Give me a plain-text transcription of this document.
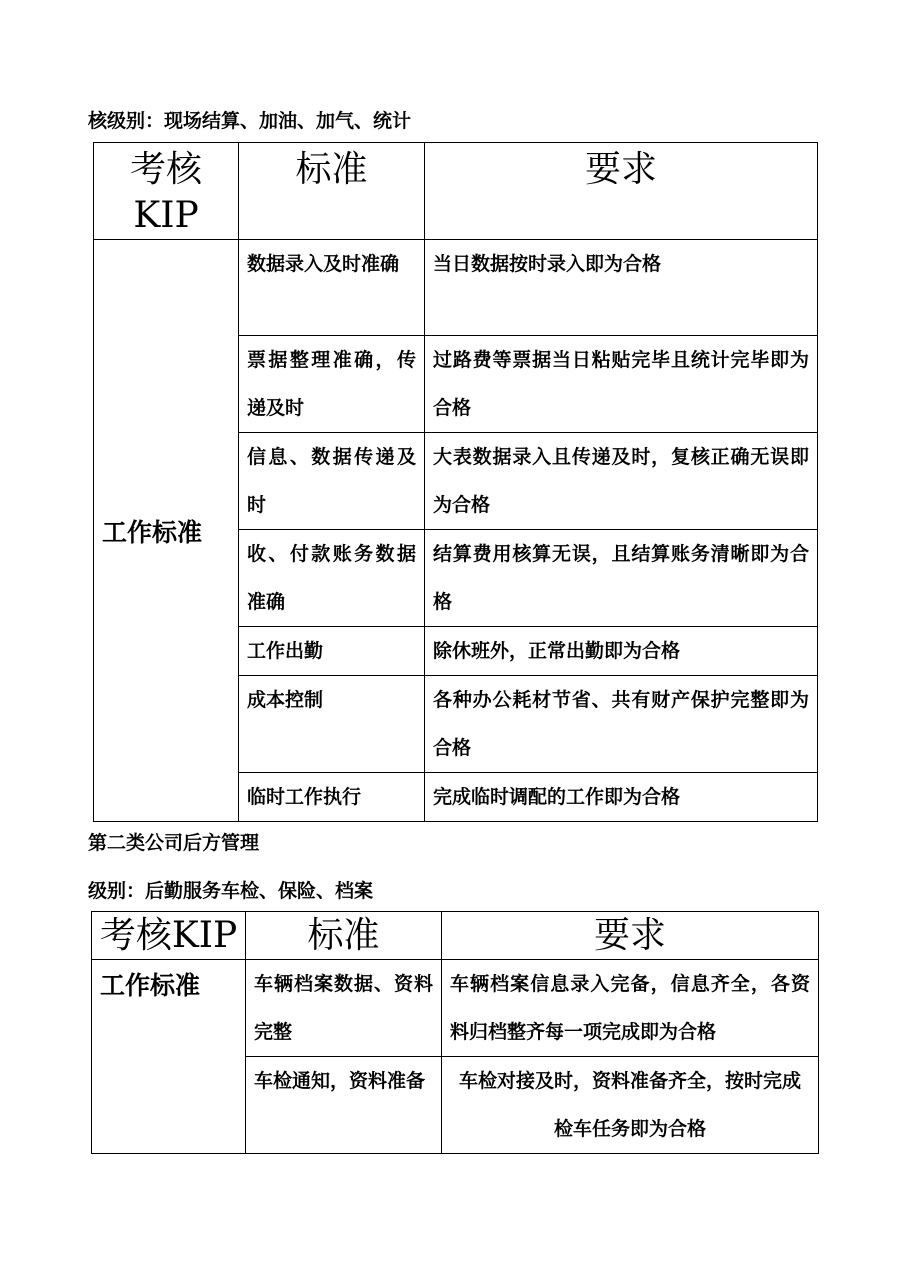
核级别：现场结算、加油、加气、统计
考核
KIP	标准	要求
工作标准	数据录入及时准确	当日数据按时录入即为合格
	票据整理准确，传递及时	过路费等票据当日粘贴完毕且统计完毕即为合格
	信息、数据传递及时	大表数据录入且传递及时，复核正确无误即为合格
	收、付款账务数据准确	结算费用核算无误，且结算账务清晰即为合格
	工作出勤	除休班外，正常出勤即为合格
	成本控制	各种办公耗材节省、共有财产保护完整即为合格
	临时工作执行	完成临时调配的工作即为合格
第二类公司后方管理
级别：后勤服务车检、保险、档案
考核KIP	标准	要求
工作标准	车辆档案数据、资料完整	车辆档案信息录入完备，信息齐全，各资料归档整齐每一项完成即为合格
	车检通知，资料准备	车检对接及时，资料准备齐全，按时完成检车任务即为合格
